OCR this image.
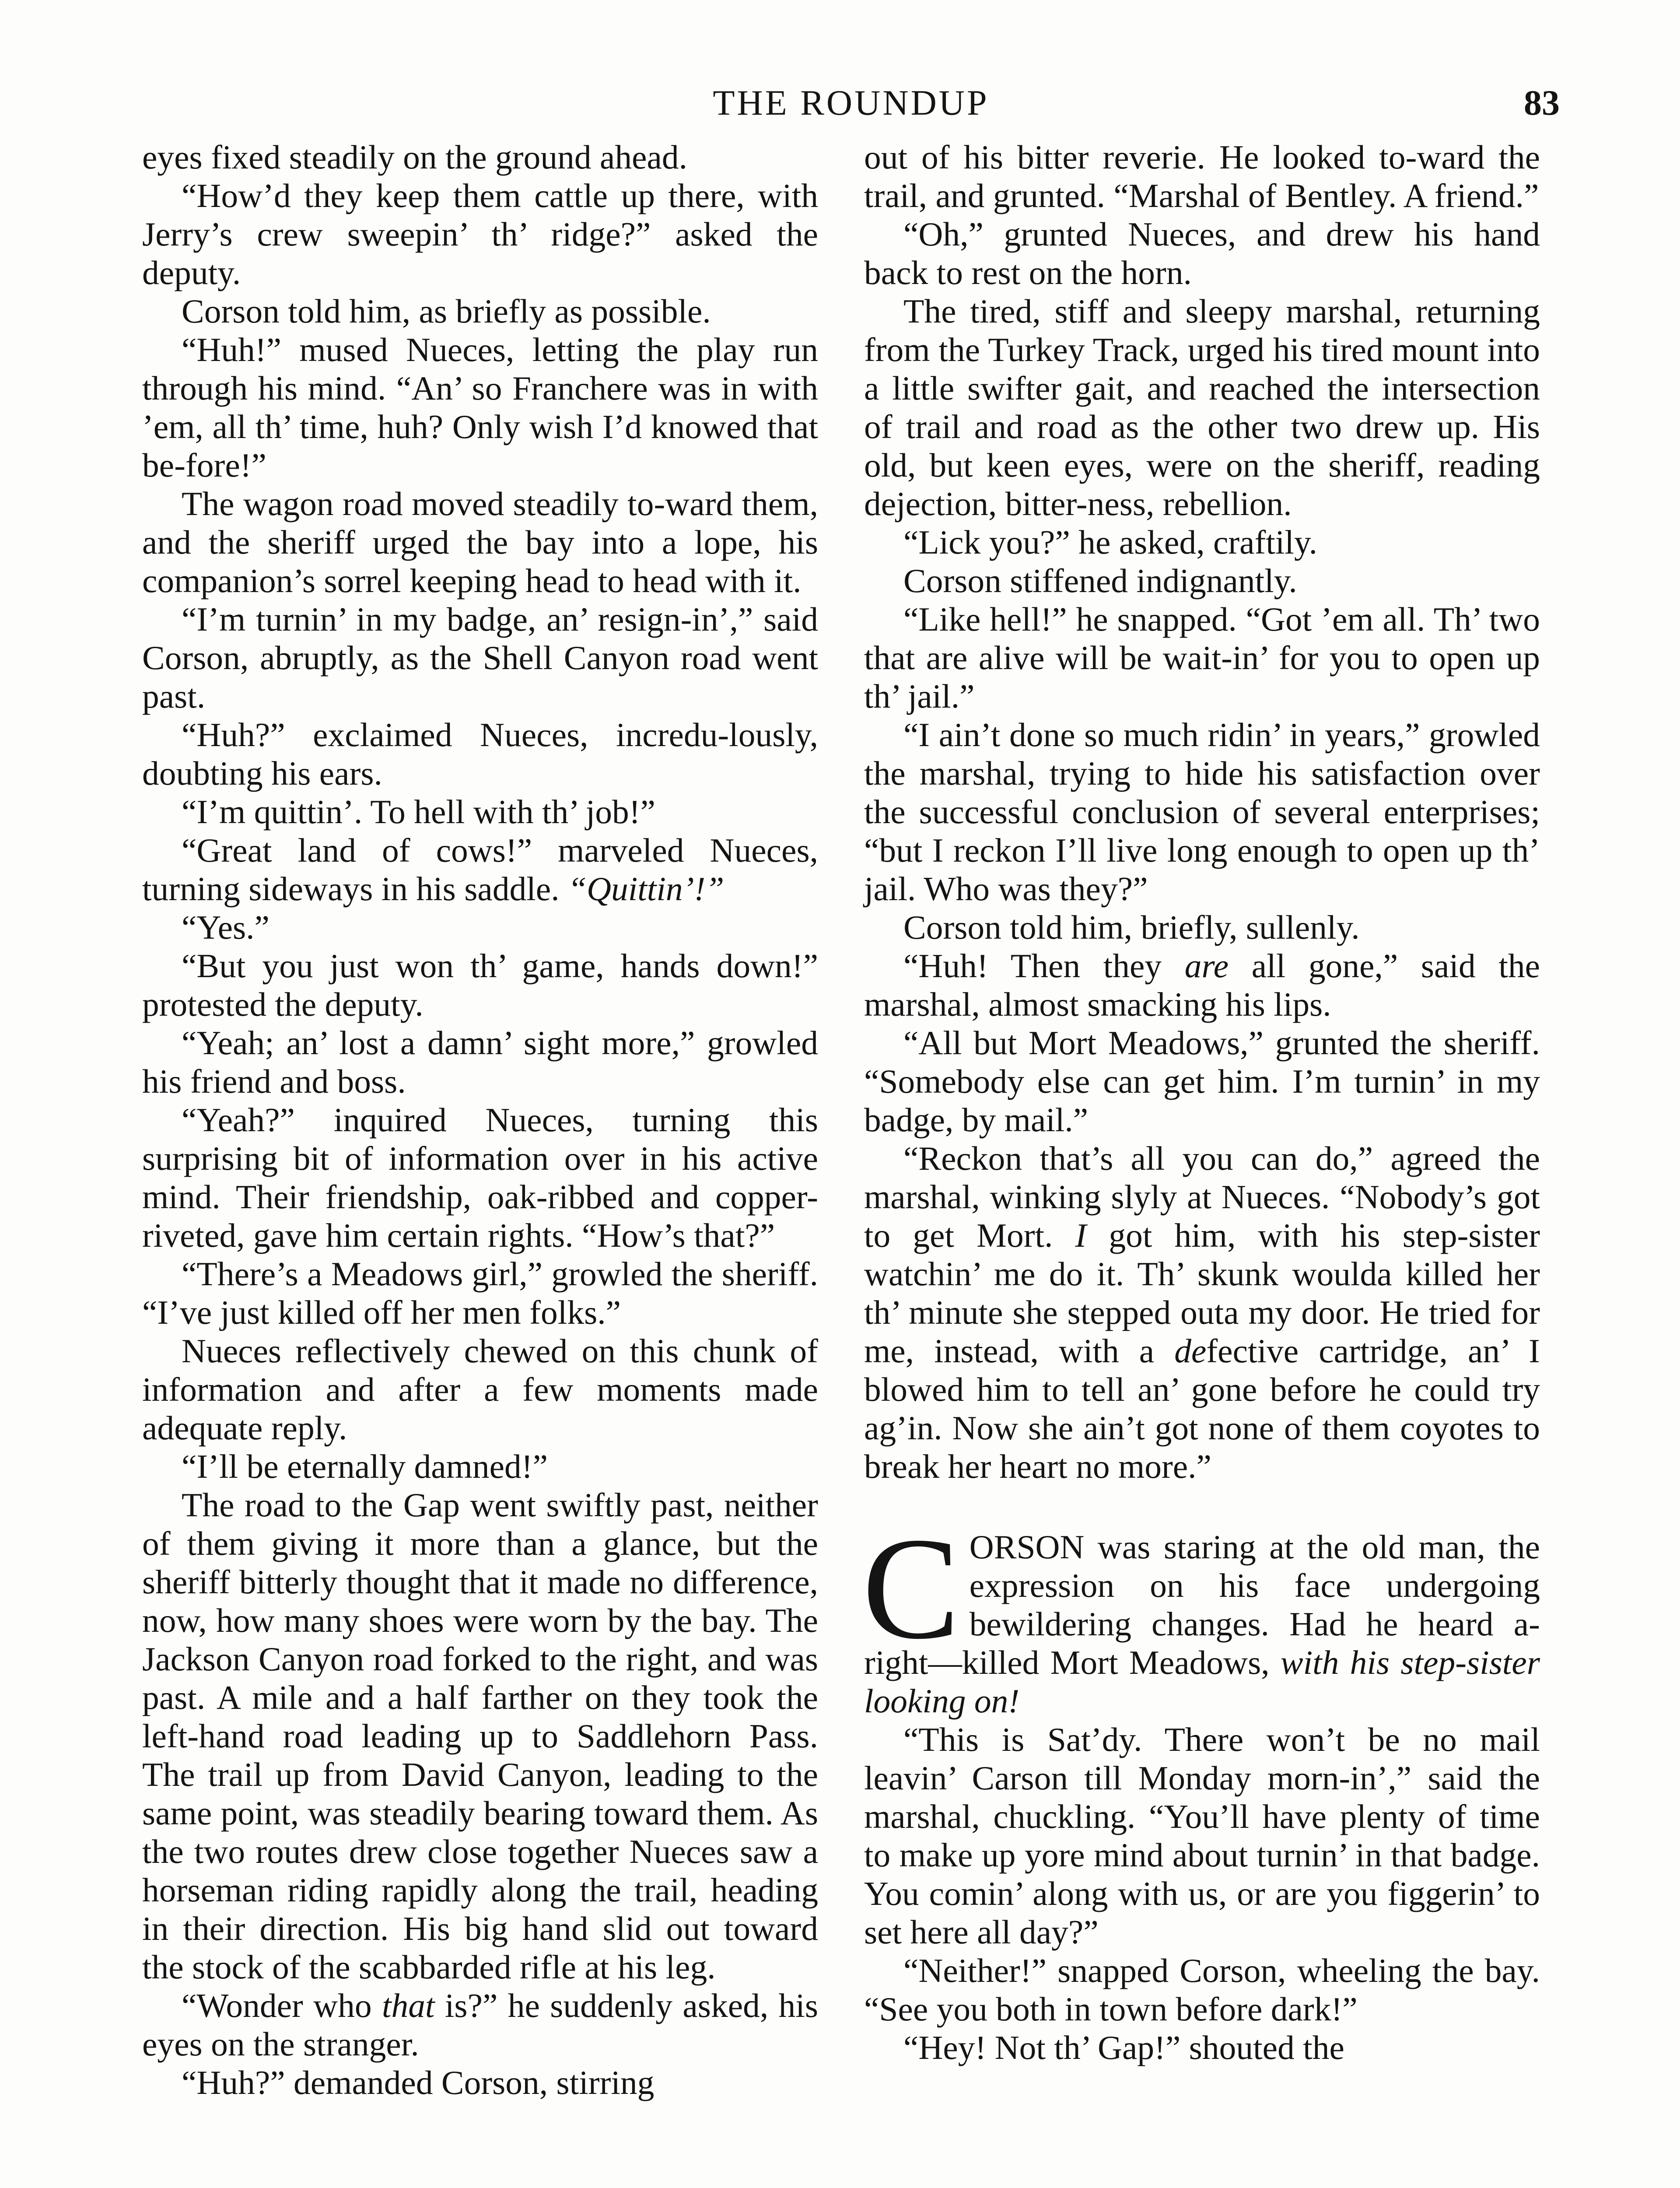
THE ROUNDUP	83

eyes fixed steadily on the ground ahead.

“How’d they keep them cattle up there, with Jerry’s crew sweepin’ th’ ridge?” asked the deputy.

Corson told him, as briefly as possible.

“Huh!” mused Nueces, letting the play run through his mind. “An’ so Franchere was in with ’em, all th’ time, huh? Only wish I’d knowed that be-fore!”

The wagon road moved steadily to-ward them, and the sheriff urged the bay into a lope, his companion’s sorrel keeping head to head with it.

“I’m turnin’ in my badge, an’ resign-in’,” said Corson, abruptly, as the Shell Canyon road went past.

“Huh?” exclaimed Nueces, incredu-lously, doubting his ears.

“I’m quittin’. To hell with th’ job!”

“Great land of cows!” marveled Nueces, turning sideways in his saddle. “Quittin’!”

“Yes.”

“But you just won th’ game, hands down!” protested the deputy.

“Yeah; an’ lost a damn’ sight more,” growled his friend and boss.

“Yeah?” inquired Nueces, turning this surprising bit of information over in his active mind. Their friendship, oak-ribbed and copper-riveted, gave him certain rights. “How’s that?”

“There’s a Meadows girl,” growled the sheriff. “I’ve just killed off her men folks.”

Nueces reflectively chewed on this chunk of information and after a few moments made adequate reply.

“I’ll be eternally damned!”

The road to the Gap went swiftly past, neither of them giving it more than a glance, but the sheriff bitterly thought that it made no difference, now, how many shoes were worn by the bay. The Jackson Canyon road forked to the right, and was past. A mile and a half farther on they took the left-hand road leading up to Saddlehorn Pass. The trail up from David Canyon, leading to the same point, was steadily bearing toward them. As the two routes drew close together Nueces saw a horseman riding rapidly along the trail, heading in their direction. His big hand slid out toward the stock of the scabbarded rifle at his leg.

“Wonder who that is?” he suddenly asked, his eyes on the stranger.

“Huh?” demanded Corson, stirring

out of his bitter reverie. He looked to-ward the trail, and grunted. “Marshal of Bentley. A friend.”

“Oh,” grunted Nueces, and drew his hand back to rest on the horn.

The tired, stiff and sleepy marshal, returning from the Turkey Track, urged his tired mount into a little swifter gait, and reached the intersection of trail and road as the other two drew up. His old, but keen eyes, were on the sheriff, reading dejection, bitter-ness, rebellion.

“Lick you?” he asked, craftily.

Corson stiffened indignantly.

“Like hell!” he snapped. “Got ’em all. Th’ two that are alive will be wait-in’ for you to open up th’ jail.”

“I ain’t done so much ridin’ in years,” growled the marshal, trying to hide his satisfaction over the successful conclusion of several enterprises; “but I reckon I’ll live long enough to open up th’ jail. Who was they?”

Corson told him, briefly, sullenly.

“Huh! Then they are all gone,” said the marshal, almost smacking his lips.

“All but Mort Meadows,” grunted the sheriff. “Somebody else can get him. I’m turnin’ in my badge, by mail.”

“Reckon that’s all you can do,” agreed the marshal, winking slyly at Nueces. “Nobody’s got to get Mort. I got him, with his step-sister watchin’ me do it. Th’ skunk woulda killed her th’ minute she stepped outa my door. He tried for me, instead, with a defective cartridge, an’ I blowed him to tell an’ gone before he could try ag’in. Now she ain’t got none of them coyotes to break her heart no more.”

C ORSON was staring at the old man, the expression on his face undergoing bewildering changes. Had he heard a-right—killed Mort Meadows, with his step-sister looking on!

“This is Sat’dy. There won’t be no mail leavin’ Carson till Monday morn-in’,” said the marshal, chuckling. “You’ll have plenty of time to make up yore mind about turnin’ in that badge. You comin’ along with us, or are you figgerin’ to set here all day?”

“Neither!” snapped Corson, wheeling the bay. “See you both in town before dark!”

“Hey! Not th’ Gap!” shouted the
